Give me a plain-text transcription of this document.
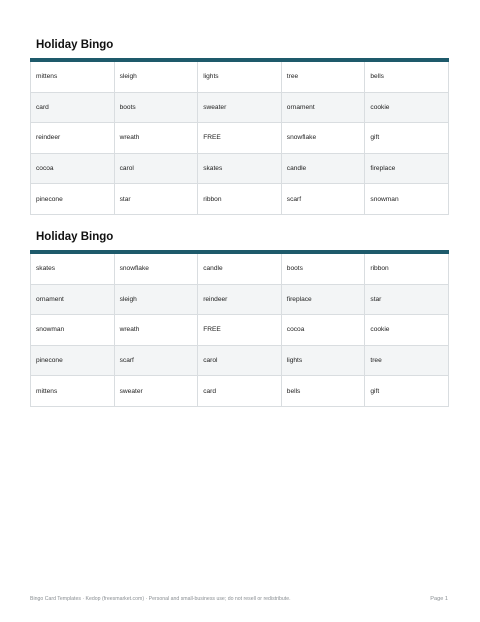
Holiday Bingo
mittens	sleigh	lights	tree	bells
card	boots	sweater	ornament	cookie
reindeer	wreath	FREE	snowflake	gift
cocoa	carol	skates	candle	fireplace
pinecone	star	ribbon	scarf	snowman
Holiday Bingo
skates	snowflake	candle	boots	ribbon
ornament	sleigh	reindeer	fireplace	star
snowman	wreath	FREE	cocoa	cookie
pinecone	scarf	carol	lights	tree
mittens	sweater	card	bells	gift
Bingo Card Templates · Kedop (freesmarket.com) · Personal and small-business use; do not resell or redistribute.	Page 1
